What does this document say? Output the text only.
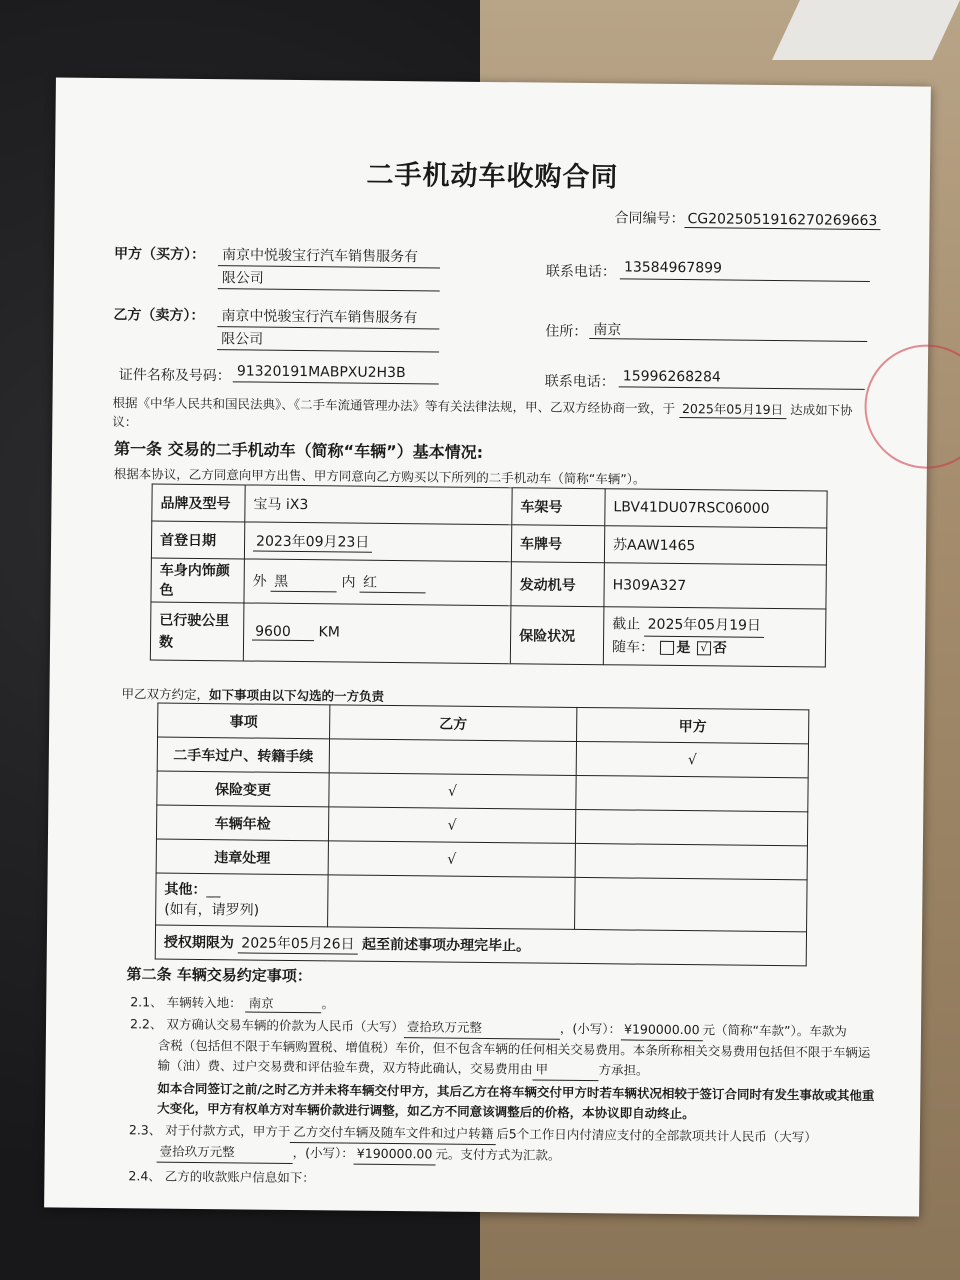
二手机动车收购合同
合同编号： CG2025051916270269663
甲方（买方）： 南京中悦骏宝行汽车销售服务有
限公司	联系电话： 13584967899
乙方（卖方）： 南京中悦骏宝行汽车销售服务有
限公司	住所： 南京
证件名称及号码： 91320191MABPXU2H3B
联系电话： 15996268284
根据《中华人民共和国民法典》、《二手车流通管理办法》等有关法律法规，甲、乙双方经协商一致，于 2025年05月19日 达成如下协
议：
第一条 交易的二手机动车（简称“车辆”）基本情况:
根据本协议，乙方同意向甲方出售、甲方同意向乙方购买以下所列的二手机动车（简称“车辆”）。
品牌及型号	宝马 iX3	车架号	LBV41DU07RSC06000
首登日期	2023年09月23日	车牌号	苏AAW1465
车身内饰颜
色	外 黑 内 红	发动机号	H309A327
已行驶公里
数	9600 KM	保险状况	截止 2025年05月19日
随车： 是 √ 否
甲乙双方约定，如下事项由以下勾选的一方负责
事项	乙方	甲方
二手车过户、转籍手续		√
保险变更	√	
车辆年检	√	
违章处理	√	
其他：__
(如有，请罗列)		
授权期限为 2025年05月26日 起至前述事项办理完毕止。		
第二条 车辆交易约定事项：
2.1、 车辆转入地： 南京	。
2.2、 双方确认交易车辆的价款为人民币（大写） 壹拾玖万元整	，(小写）： ¥190000.00 元（简称“车款”）。车款为
含税（包括但不限于车辆购置税、增值税）车价，但不包含车辆的任何相关交易费用。本条所称相关交易费用包括但不限于车辆运
输（油）费、过户交易费和评估验车费，双方特此确认，交易费用由 甲	方承担。
如本合同签订之前/之时乙方并未将车辆交付甲方，其后乙方在将车辆交付甲方时若车辆状况相较于签订合同时有发生事故或其他重
大变化，甲方有权单方对车辆价款进行调整，如乙方不同意该调整后的价格，本协议即自动终止。
2.3、 对于付款方式，甲方于 乙方交付车辆及随车文件和过户转籍 后5个工作日内付清应支付的全部款项共计人民币（大写）
壹拾玖万元整	，(小写）： ¥190000.00 元。支付方式为汇款。
2.4、 乙方的收款账户信息如下：
